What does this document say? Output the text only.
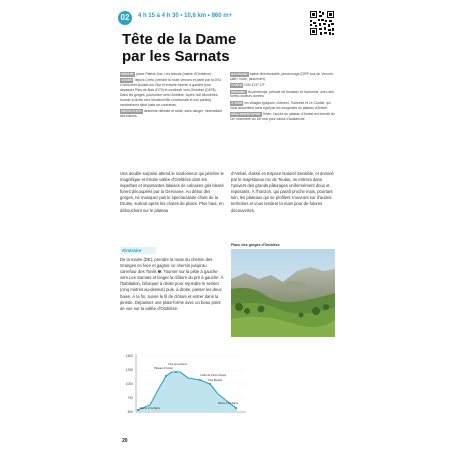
02	4 h 15 à 4 h 30 • 10,6 km • 860 m+
Tête de la Dame
par les Sarnats
DÉPART place Patrick Dac, Les Arbods (mairie d'Ombléze).
ACCÈS depuis Crest, prendre la route Vercors et partir par la D93. Contourner Aouste-sur-Sye et ensuite tourner à gauche pour dépasser Plan-de-Baix (D70) et continuer vers Ombléze (D578). Dans les gorges, poursuivre vers Ombléze. Après huit kilomètres, tourner à droite vers Moulins/Ville communale et son parking randonneurs situé juste en contrebas.
DIFFICULTÉS descente délicate et raide, sans danger, nécessitant des bâtons.
BALISAGE balise directionnelle, jaune/rouge (GRP tour du Vercors, cairn, route, jaune/vert).
CARTE IGN 3137 OT
PÉRIODE du printemps, période de floraison et l'automne, avec des forêts couleurs dorées.
À VOIR les villages typiques, d'Ambel, Tubleinel et Le Cordiel, qui vous accueillent sans égal par les écogestes du plateau d'Ambel.
RÉGLEMENTATION l'hiver, l'accès du plateau d'Ambel est interdit du 1er novembre au 1er mai pour cause d'avalanche.
Une double surprise attend le randonneur qui pénètre le magnifique et étroite vallée d'Ombléze dont les superbes et imposantes falaises de calcaires gris bleuté furent découpées par la Gervanne. Au début des gorges, ne manquez pas le spectaculaire chute de la Druise, surtout après les chutes de pluies. Plus haut, en débouchant sur le plateau
d'Ambel, classé en Espace Naturel Sensible, et dominé par le majestueux roc de Toulau, on entrera dans l'univers des grands pâturages uniformément doux et reposants. À l'horizon, qui paraît proche mais, pourtant loin, les plateaux qui se profilent s'ouvrant sur d'autres territoires et vous tendent la main pour de futures découvertes.
Itinéraire
De la mairie (DE), prendre la route du chemin des Granges en face et gagner ce chemin jusqu'au carrefour des Tonils ❶. Tourner sur la piste à gauche vers Les Sarnats et longer la clôture du pré à gauche. À l'habitation, bifurquer à droite pour rejoindre le sentier (cinq mètres au-dessus) puis, à droite, passer les deux haies. À la fin, suivre le fil de clôture et entrer dans la pinède. Dépassez une plate-forme avec un beau point de vue sur la vallée d'Ombléze.
Flanc des gorges d'Ombléze
1500
1250
1000
750
500
Mairie d'Ombléze
Plateau d'Ambel
Tête de la Dame
Collet de Pierre Rouge
Tête Baudel
Mairie d'Ombléze
20
